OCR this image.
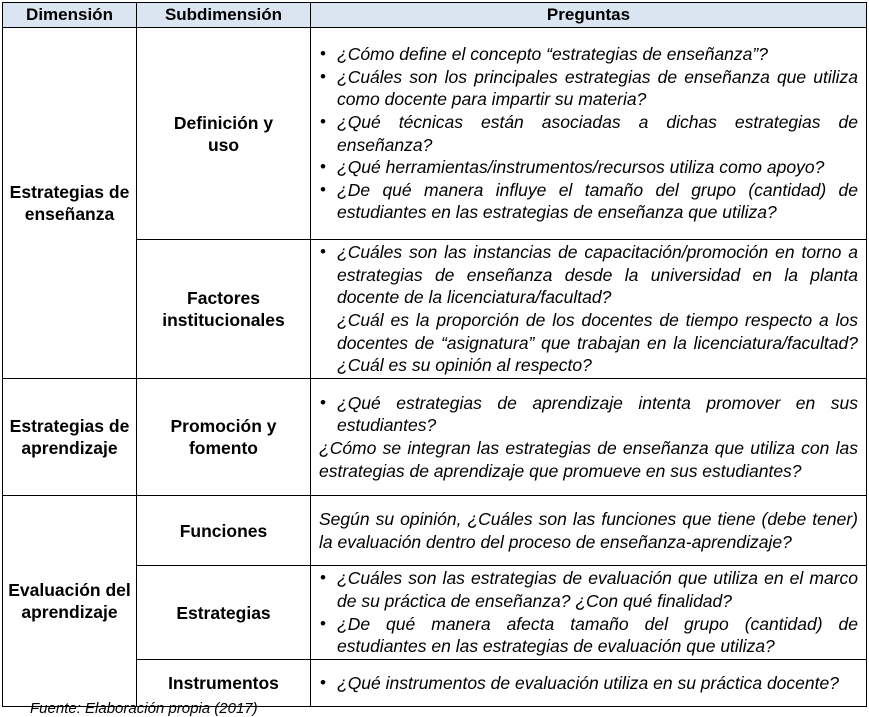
Dimensión	Subdimensión	Preguntas
Estrategias de enseñanza	Definición y uso	• ¿Cómo define el concepto “estrategias de enseñanza”?

• ¿Cuáles son los principales estrategias de enseñanza que utiliza como docente para impartir su materia?

• ¿Qué técnicas están asociadas a dichas estrategias de enseñanza?

• ¿Qué herramientas/instrumentos/recursos utiliza como apoyo?

• ¿De qué manera influye el tamaño del grupo (cantidad) de estudiantes en las estrategias de enseñanza que utiliza?

	Factores institucionales	• ¿Cuáles son las instancias de capacitación/promoción en torno a estrategias de enseñanza desde la universidad en la planta docente de la licenciatura/facultad?

¿Cuál es la proporción de los docentes de tiempo respecto a los docentes de “asignatura” que trabajan en la licenciatura/facultad? ¿Cuál es su opinión al respecto?

Estrategias de aprendizaje	Promoción y fomento	• ¿Qué estrategias de aprendizaje intenta promover en sus estudiantes?

¿Cómo se integran las estrategias de enseñanza que utiliza con las estrategias de aprendizaje que promueve en sus estudiantes?

Evaluación del aprendizaje	Funciones	Según su opinión, ¿Cuáles son las funciones que tiene (debe tener) la evaluación dentro del proceso de enseñanza-aprendizaje?

	Estrategias	• ¿Cuáles son las estrategias de evaluación que utiliza en el marco de su práctica de enseñanza? ¿Con qué finalidad?

• ¿De qué manera afecta tamaño del grupo (cantidad) de estudiantes en las estrategias de evaluación que utiliza?

	Instrumentos	• ¿Qué instrumentos de evaluación utiliza en su práctica docente?

Fuente: Elaboración propia (2017)
